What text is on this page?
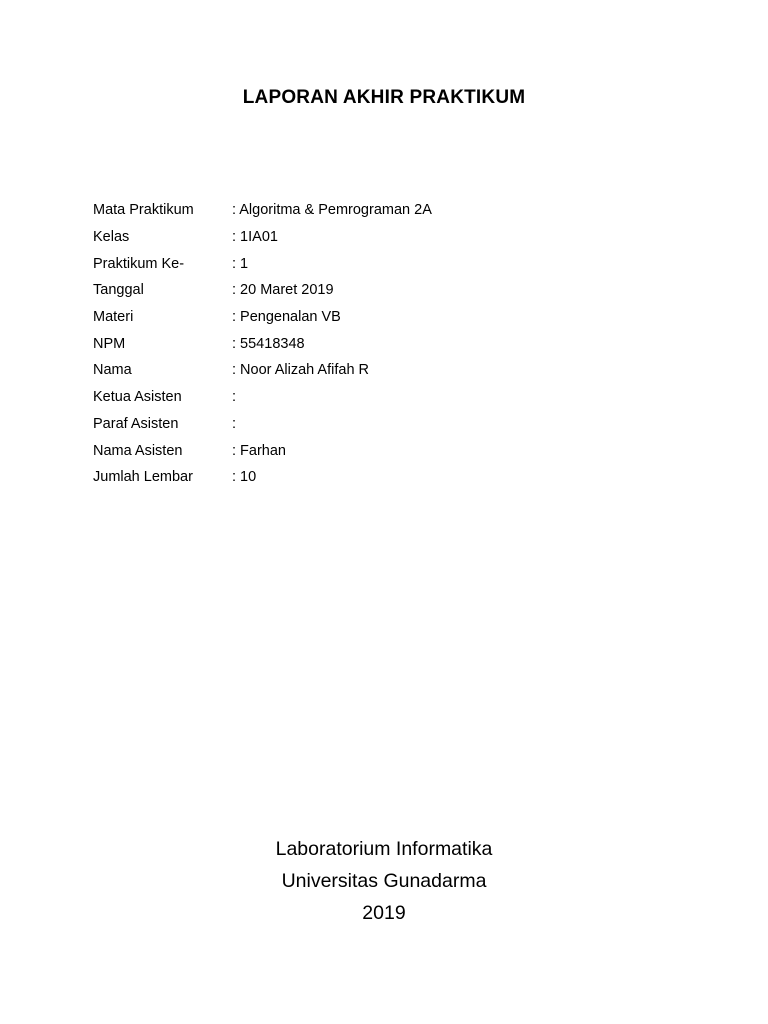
LAPORAN AKHIR PRAKTIKUM
Mata Praktikum	: Algoritma & Pemrograman 2A
Kelas	: 1IA01
Praktikum Ke-	: 1
Tanggal	: 20 Maret 2019
Materi	: Pengenalan VB
NPM	: 55418348
Nama	: Noor Alizah Afifah R
Ketua Asisten	:
Paraf Asisten	:
Nama Asisten	: Farhan
Jumlah Lembar	: 10
Laboratorium Informatika
Universitas Gunadarma
2019
